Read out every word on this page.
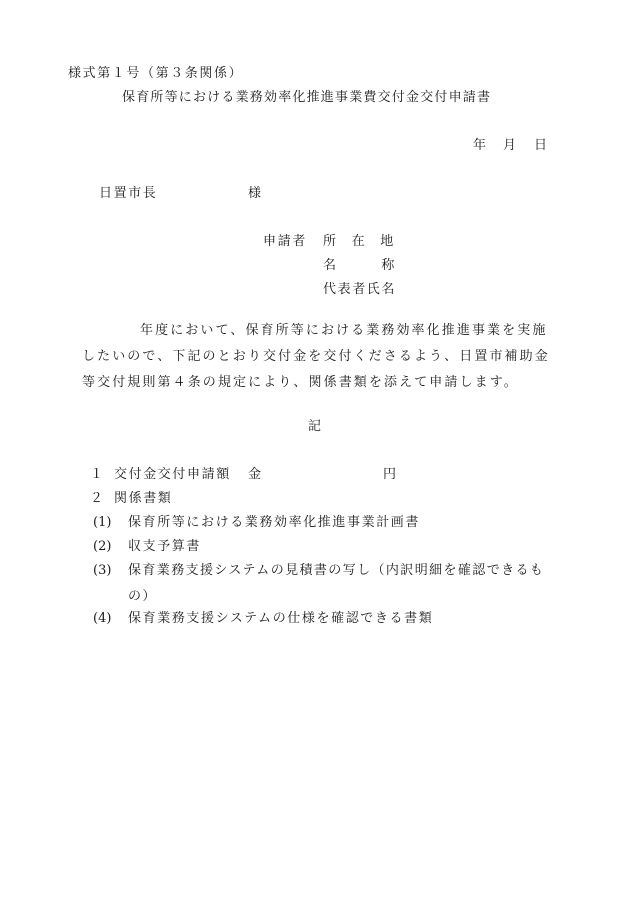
様式第１号（第３条関係）
保育所等における業務効率化推進事業費交付金交付申請書
年 月 日
日置市長	様
申請者 所　在　地
名　　　称
代表者氏名
年度において、保育所等における業務効率化推進事業を実施したいので、下記のとおり交付金を交付くださるよう、日置市補助金等交付規則第４条の規定により、関係書類を添えて申請します。
記
１ 交付金交付申請額 金	円
２ 関係書類
(1) 保育所等における業務効率化推進事業計画書
(2) 収支予算書
(3) 保育業務支援システムの見積書の写し（内訳明細を確認できるもの）
(4) 保育業務支援システムの仕様を確認できる書類
